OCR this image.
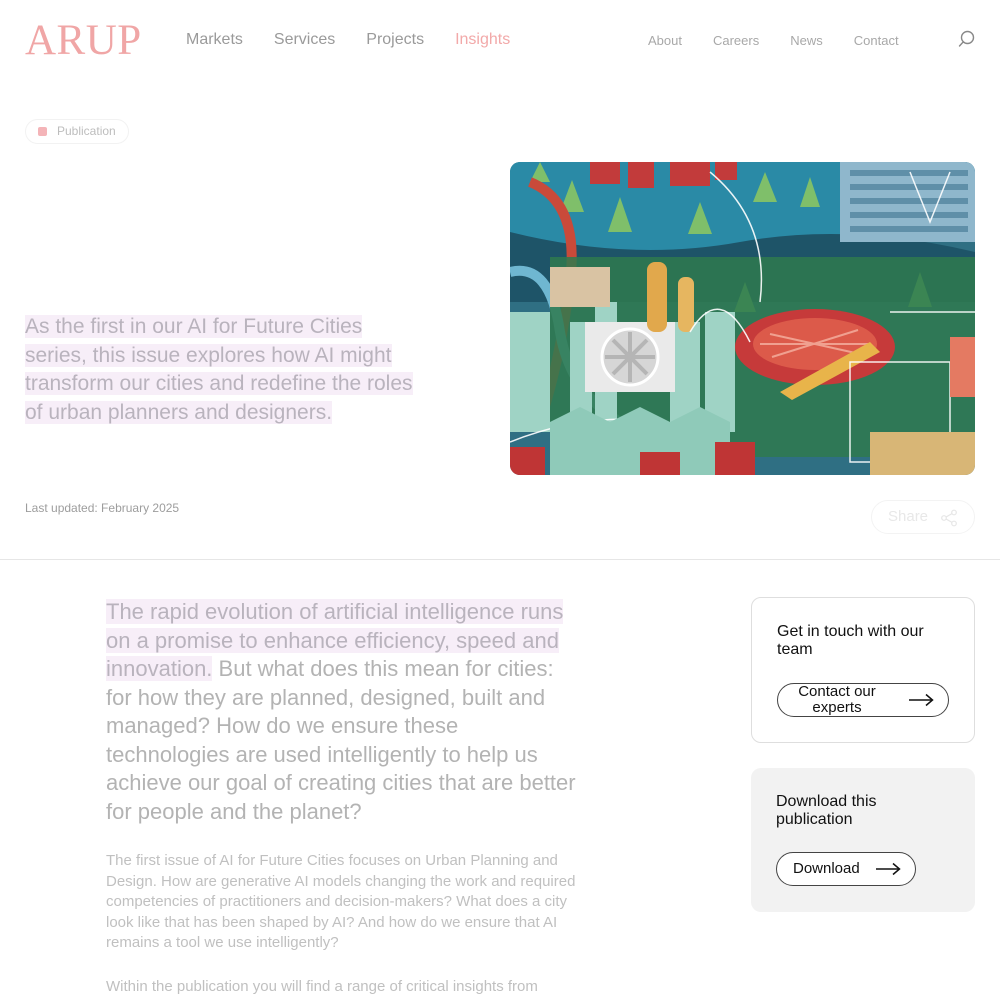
ARUP	Markets Services Projects Insights	About Careers News Contact
Publication

As the first in our AI for Future Cities series, this issue explores how AI might transform our cities and redefine the roles of urban planners and designers.

Last updated: February 2025	Share

The rapid evolution of artificial intelligence runs on a promise to enhance efficiency, speed and innovation. But what does this mean for cities: for how they are planned, designed, built and managed? How do we ensure these technologies are used intelligently to help us achieve our goal of creating cities that are better for people and the planet?

The first issue of AI for Future Cities focuses on Urban Planning and Design. How are generative AI models changing the work and required competencies of practitioners and decision-makers? What does a city look like that has been shaped by AI? And how do we ensure that AI remains a tool we use intelligently?

Within the publication you will find a range of critical insights from

Get in touch with our team
Contact our experts
Download this publication
Download
